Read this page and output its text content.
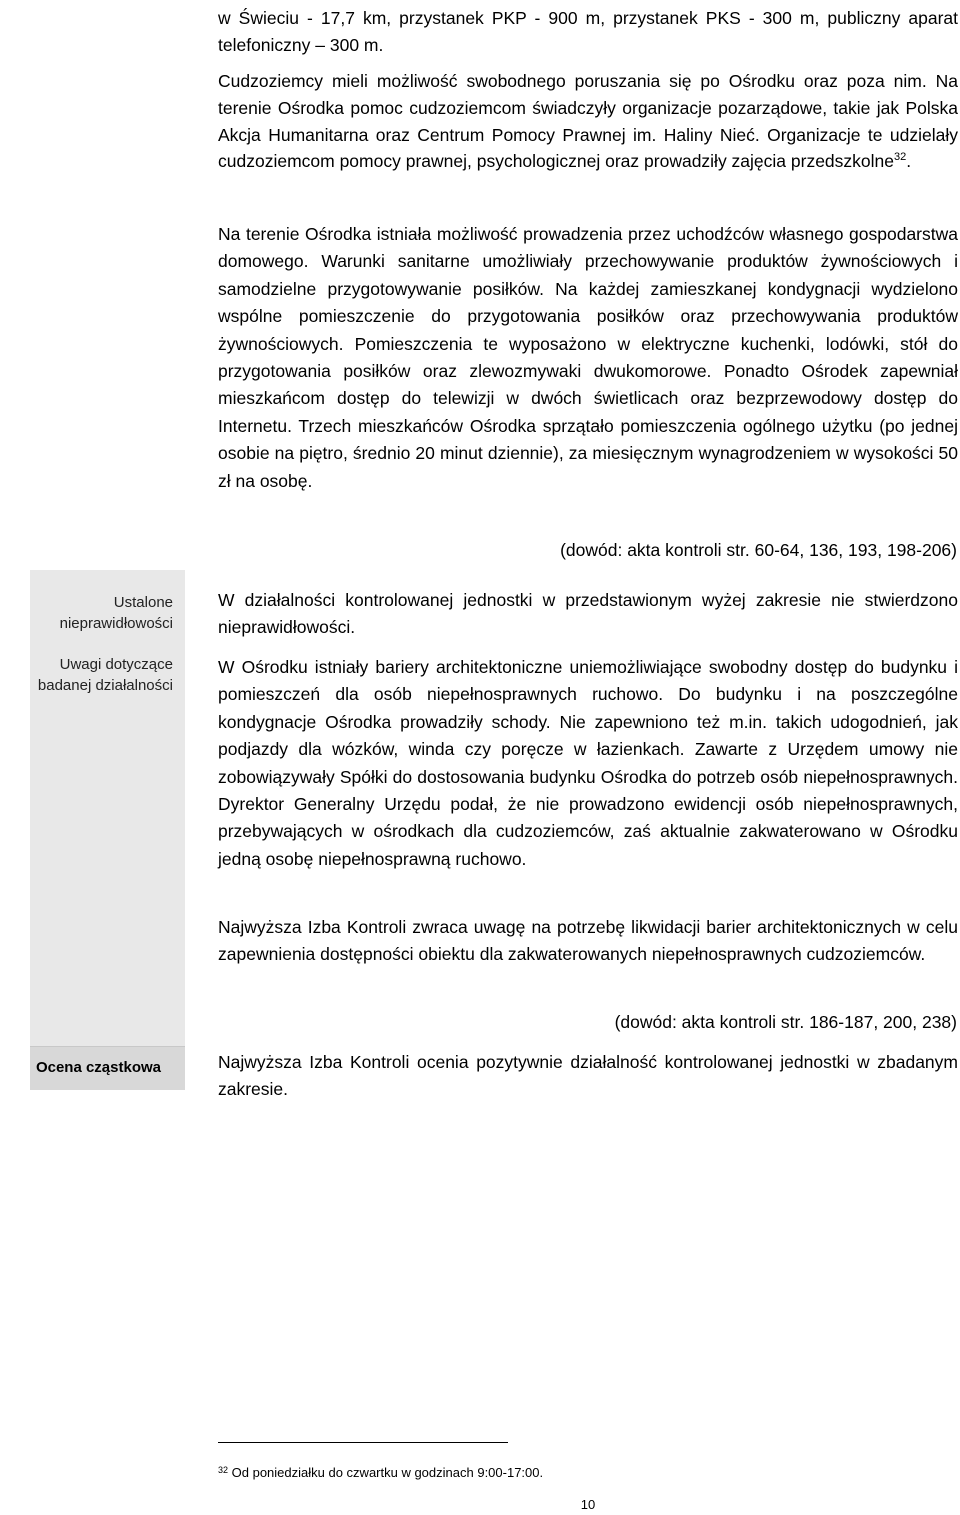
Ustalone nieprawidłowości
Uwagi dotyczące badanej działalności
Ocena cząstkowa

w Świeciu - 17,7 km, przystanek PKP - 900 m, przystanek PKS - 300 m, publiczny aparat telefoniczny – 300 m.

Cudzoziemcy mieli możliwość swobodnego poruszania się po Ośrodku oraz poza nim. Na terenie Ośrodka pomoc cudzoziemcom świadczyły organizacje pozarządowe, takie jak Polska Akcja Humanitarna oraz Centrum Pomocy Prawnej im. Haliny Nieć. Organizacje te udzielały cudzoziemcom pomocy prawnej, psychologicznej oraz prowadziły zajęcia przedszkolne$^{32}$.

Na terenie Ośrodka istniała możliwość prowadzenia przez uchodźców własnego gospodarstwa domowego. Warunki sanitarne umożliwiały przechowywanie produktów żywnościowych i samodzielne przygotowywanie posiłków. Na każdej zamieszkanej kondygnacji wydzielono wspólne pomieszczenie do przygotowania posiłków oraz przechowywania produktów żywnościowych. Pomieszczenia te wyposażono w elektryczne kuchenki, lodówki, stół do przygotowania posiłków oraz zlewozmywaki dwukomorowe. Ponadto Ośrodek zapewniał mieszkańcom dostęp do telewizji w dwóch świetlicach oraz bezprzewodowy dostęp do Internetu. Trzech mieszkańców Ośrodka sprzątało pomieszczenia ogólnego użytku (po jednej osobie na piętro, średnio 20 minut dziennie), za miesięcznym wynagrodzeniem w wysokości 50 zł na osobę.

(dowód: akta kontroli str. 60-64, 136, 193, 198-206)

W działalności kontrolowanej jednostki w przedstawionym wyżej zakresie nie stwierdzono nieprawidłowości.

W Ośrodku istniały bariery architektoniczne uniemożliwiające swobodny dostęp do budynku i pomieszczeń dla osób niepełnosprawnych ruchowo. Do budynku i na poszczególne kondygnacje Ośrodka prowadziły schody. Nie zapewniono też m.in. takich udogodnień, jak podjazdy dla wózków, winda czy poręcze w łazienkach. Zawarte z Urzędem umowy nie zobowiązywały Spółki do dostosowania budynku Ośrodka do potrzeb osób niepełnosprawnych. Dyrektor Generalny Urzędu podał, że nie prowadzono ewidencji osób niepełnosprawnych, przebywających w ośrodkach dla cudzoziemców, zaś aktualnie zakwaterowano w Ośrodku jedną osobę niepełnosprawną ruchowo.

Najwyższa Izba Kontroli zwraca uwagę na potrzebę likwidacji barier architektonicznych w celu zapewnienia dostępności obiektu dla zakwaterowanych niepełnosprawnych cudzoziemców.

(dowód: akta kontroli str. 186-187, 200, 238)

Najwyższa Izba Kontroli ocenia pozytywnie działalność kontrolowanej jednostki w zbadanym zakresie.

$^{32}$ Od poniedziałku do czwartku w godzinach 9:00-17:00.
10
